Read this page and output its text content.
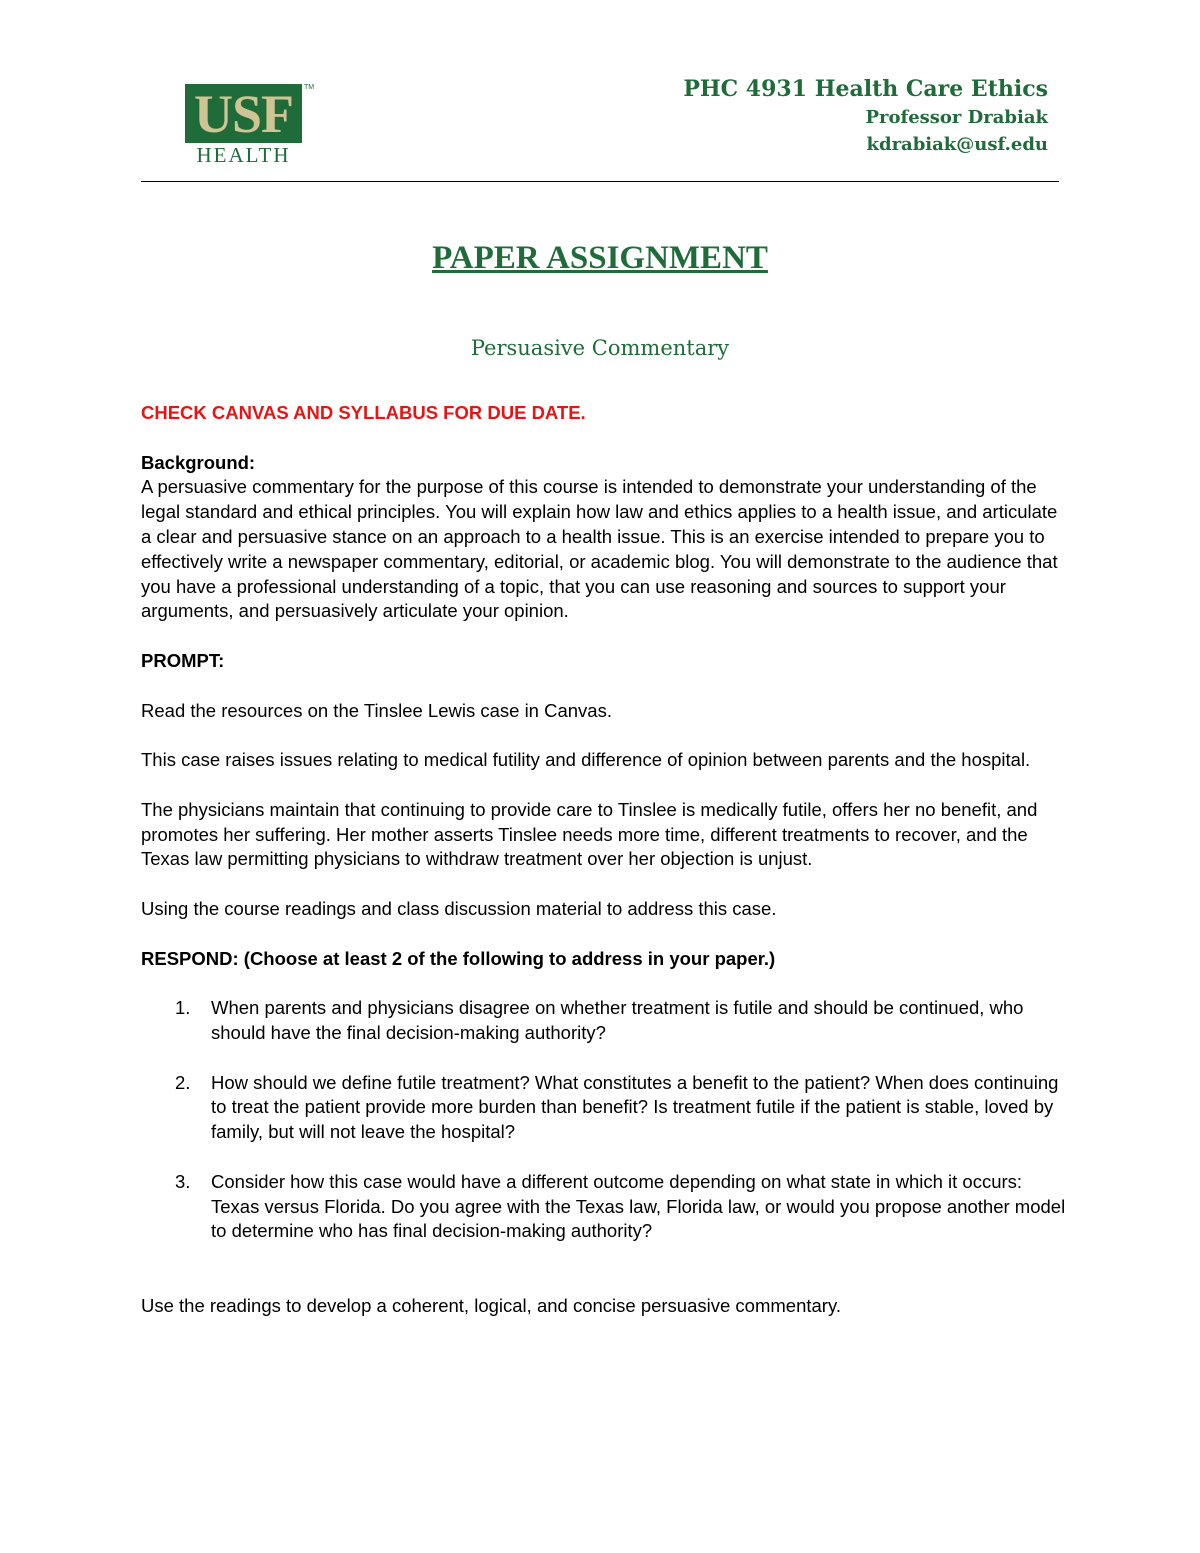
USF	TM
HEALTH
PHC 4931 Health Care Ethics
Professor Drabiak
kdrabiak@usf.edu
PAPER ASSIGNMENT
Persuasive Commentary

CHECK CANVAS AND SYLLABUS FOR DUE DATE.

Background:
A persuasive commentary for the purpose of this course is intended to demonstrate your understanding of the legal standard and ethical principles. You will explain how law and ethics applies to a health issue, and articulate a clear and persuasive stance on an approach to a health issue. This is an exercise intended to prepare you to effectively write a newspaper commentary, editorial, or academic blog. You will demonstrate to the audience that you have a professional understanding of a topic, that you can use reasoning and sources to support your arguments, and persuasively articulate your opinion.

PROMPT:

Read the resources on the Tinslee Lewis case in Canvas.

This case raises issues relating to medical futility and difference of opinion between parents and the hospital.

The physicians maintain that continuing to provide care to Tinslee is medically futile, offers her no benefit, and promotes her suffering. Her mother asserts Tinslee needs more time, different treatments to recover, and the Texas law permitting physicians to withdraw treatment over her objection is unjust.

Using the course readings and class discussion material to address this case.

RESPOND: (Choose at least 2 of the following to address in your paper.)

1. When parents and physicians disagree on whether treatment is futile and should be continued, who should have the final decision-making authority?
2. How should we define futile treatment? What constitutes a benefit to the patient? When does continuing to treat the patient provide more burden than benefit? Is treatment futile if the patient is stable, loved by family, but will not leave the hospital?
3. Consider how this case would have a different outcome depending on what state in which it occurs: Texas versus Florida. Do you agree with the Texas law, Florida law, or would you propose another model to determine who has final decision-making authority?

Use the readings to develop a coherent, logical, and concise persuasive commentary.
